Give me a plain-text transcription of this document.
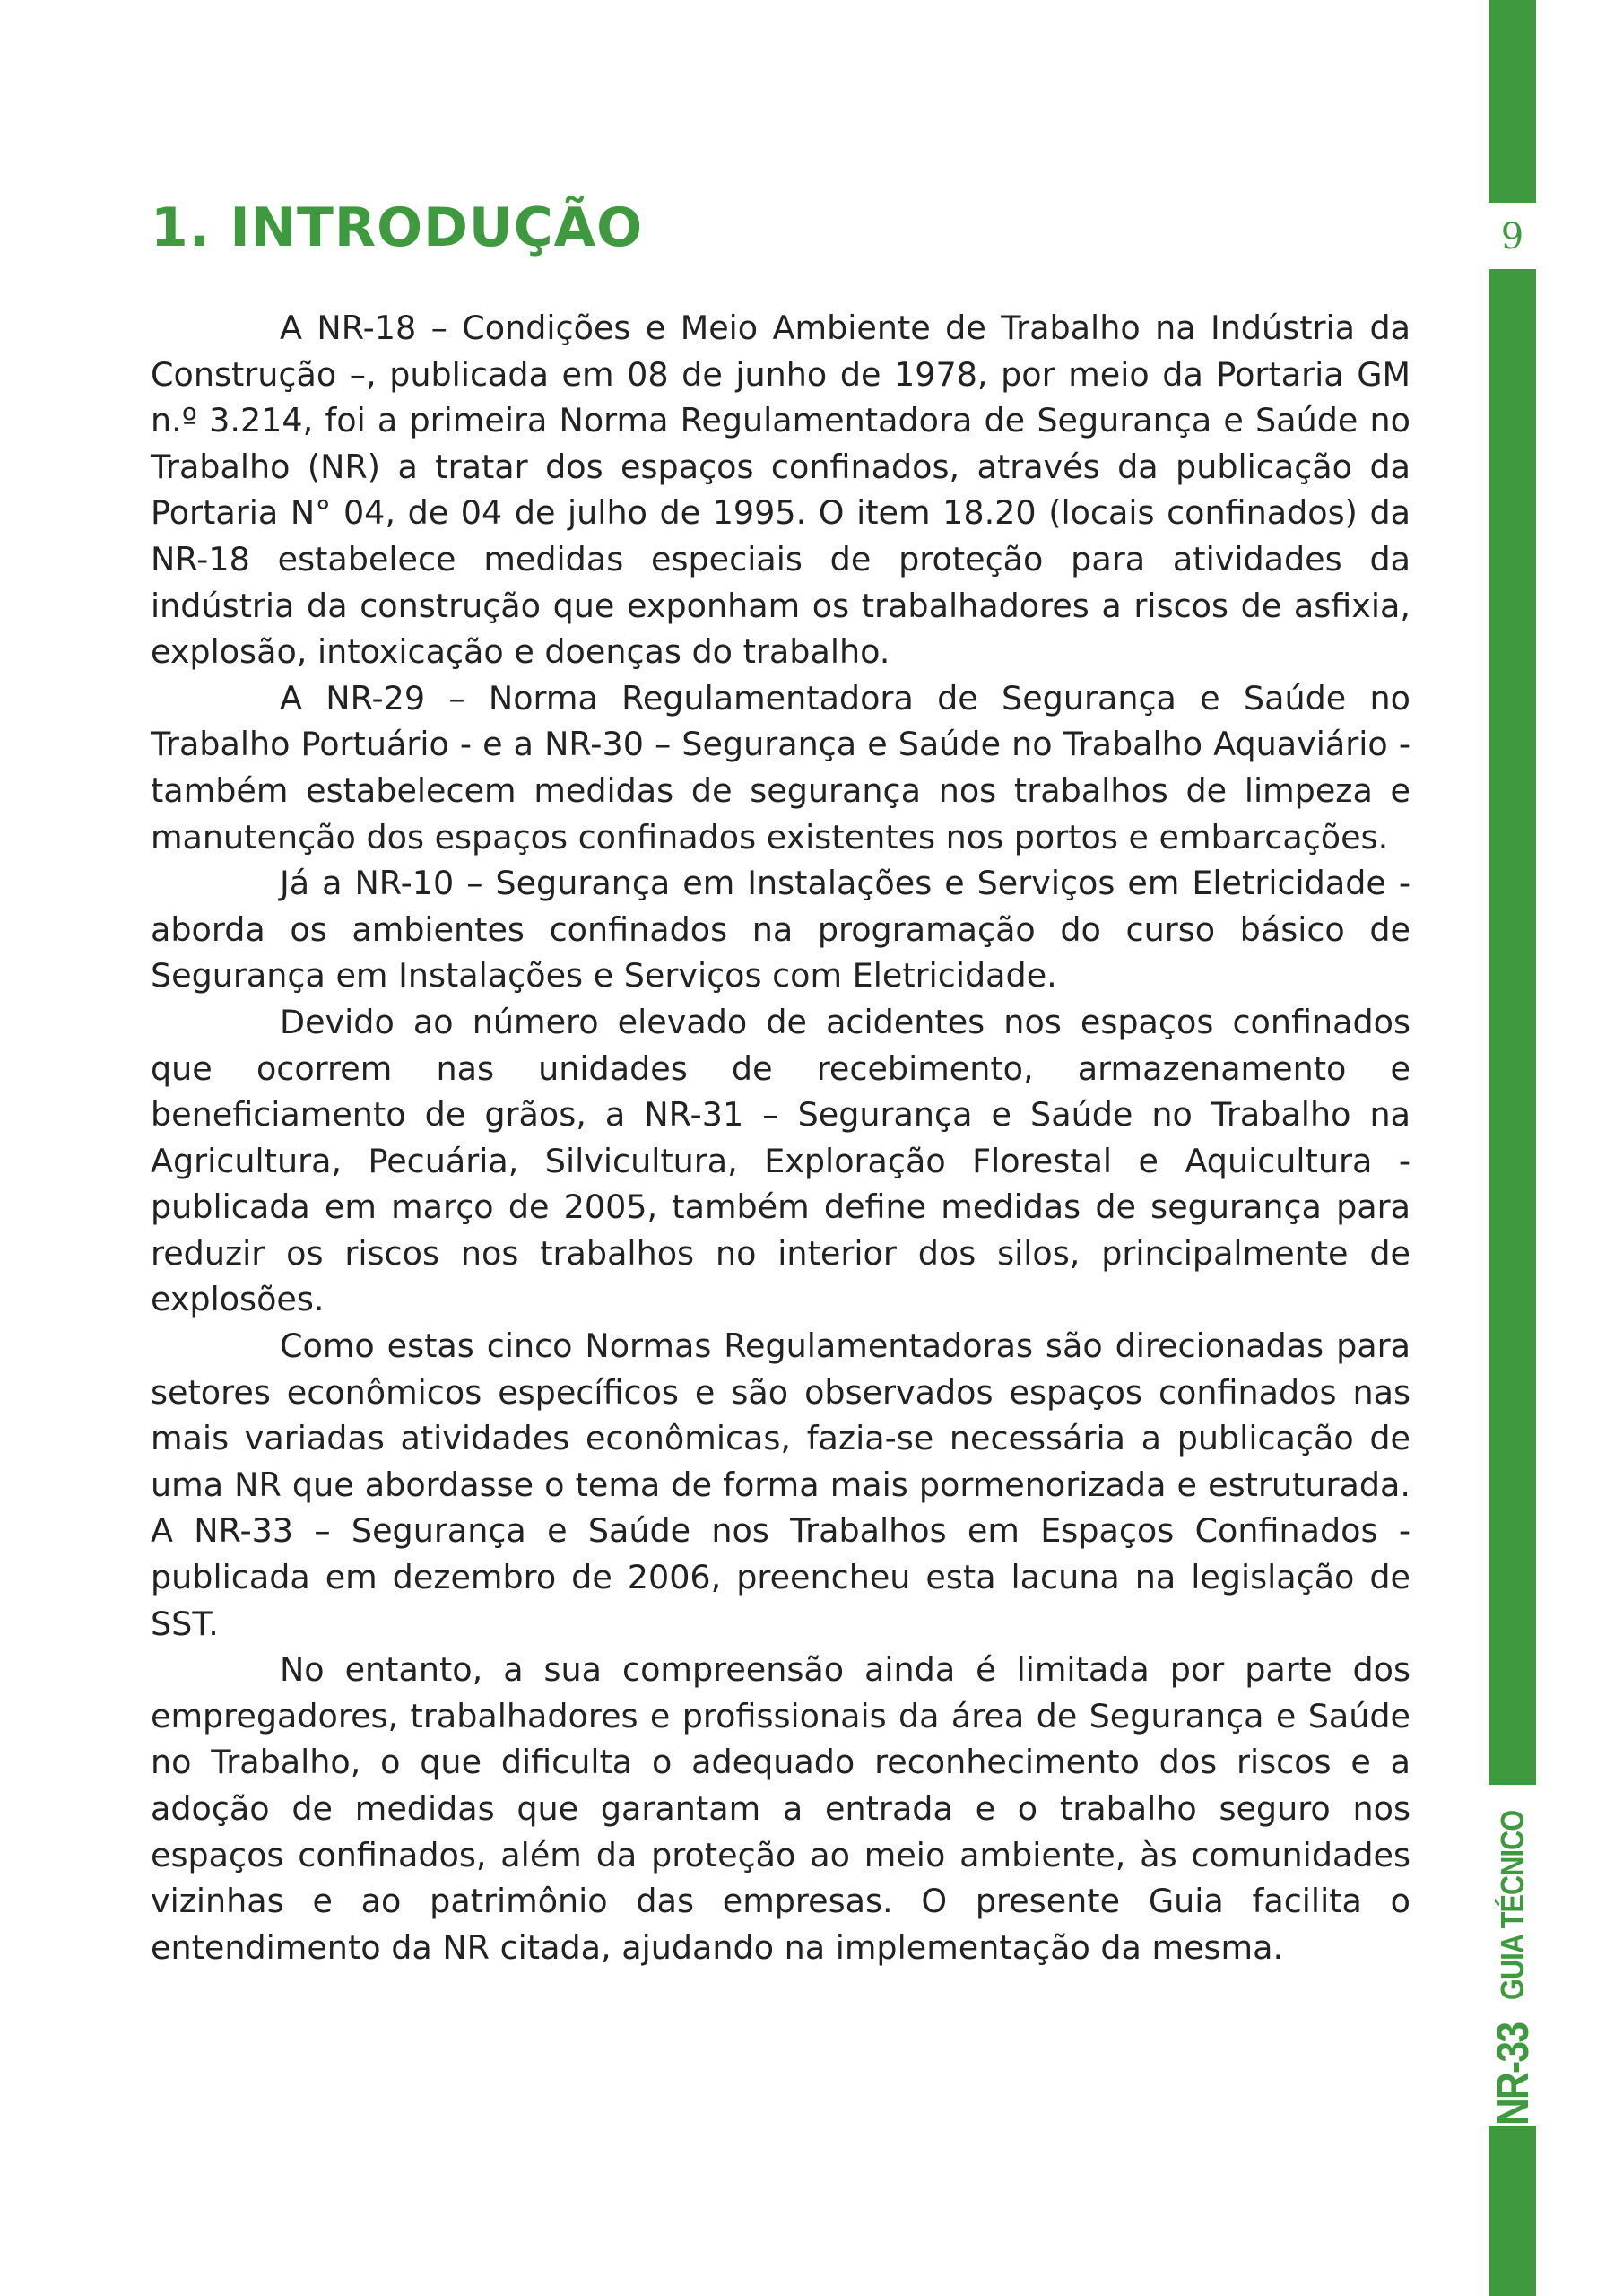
1. INTRODUÇÃO

A NR-18 – Condições e Meio Ambiente de Trabalho na Indústria da Construção –, publicada em 08 de junho de 1978, por meio da Portaria GM n.º 3.214, foi a primeira Norma Regulamentadora de Segurança e Saúde no Trabalho (NR) a tratar dos espaços confinados, através da publicação da Portaria N° 04, de 04 de julho de 1995. O item 18.20 (locais confinados) da NR-18 estabelece medidas especiais de proteção para atividades da indústria da construção que exponham os trabalhadores a riscos de asfixia, explosão, intoxicação e doenças do trabalho.

A NR-29 – Norma Regulamentadora de Segurança e Saúde no Trabalho Portuário - e a NR-30 – Segurança e Saúde no Trabalho Aquaviário - também estabelecem medidas de segurança nos trabalhos de limpeza e manutenção dos espaços confinados existentes nos portos e embarcações.

Já a NR-10 – Segurança em Instalações e Serviços em Eletricidade - aborda os ambientes confinados na programação do curso básico de Segurança em Instalações e Serviços com Eletricidade.

Devido ao número elevado de acidentes nos espaços confinados que ocorrem nas unidades de recebimento, armazenamento e beneficiamento de grãos, a NR-31 – Segurança e Saúde no Trabalho na Agricultura, Pecuária, Silvicultura, Exploração Florestal e Aquicultura - publicada em março de 2005, também define medidas de segurança para reduzir os riscos nos trabalhos no interior dos silos, principalmente de explosões.

Como estas cinco Normas Regulamentadoras são direcionadas para setores econômicos específicos e são observados espaços confinados nas mais variadas atividades econômicas, fazia-se necessária a publicação de uma NR que abordasse o tema de forma mais pormenorizada e estruturada. A NR-33 – Segurança e Saúde nos Trabalhos em Espaços Confinados - publicada em dezembro de 2006, preencheu esta lacuna na legislação de SST.

No entanto, a sua compreensão ainda é limitada por parte dos empregadores, trabalhadores e profissionais da área de Segurança e Saúde no Trabalho, o que dificulta o adequado reconhecimento dos riscos e a adoção de medidas que garantam a entrada e o trabalho seguro nos espaços confinados, além da proteção ao meio ambiente, às comunidades vizinhas e ao patrimônio das empresas. O presente Guia facilita o entendimento da NR citada, ajudando na implementação da mesma.

9
NR-33
GUIA TÉCNICO
